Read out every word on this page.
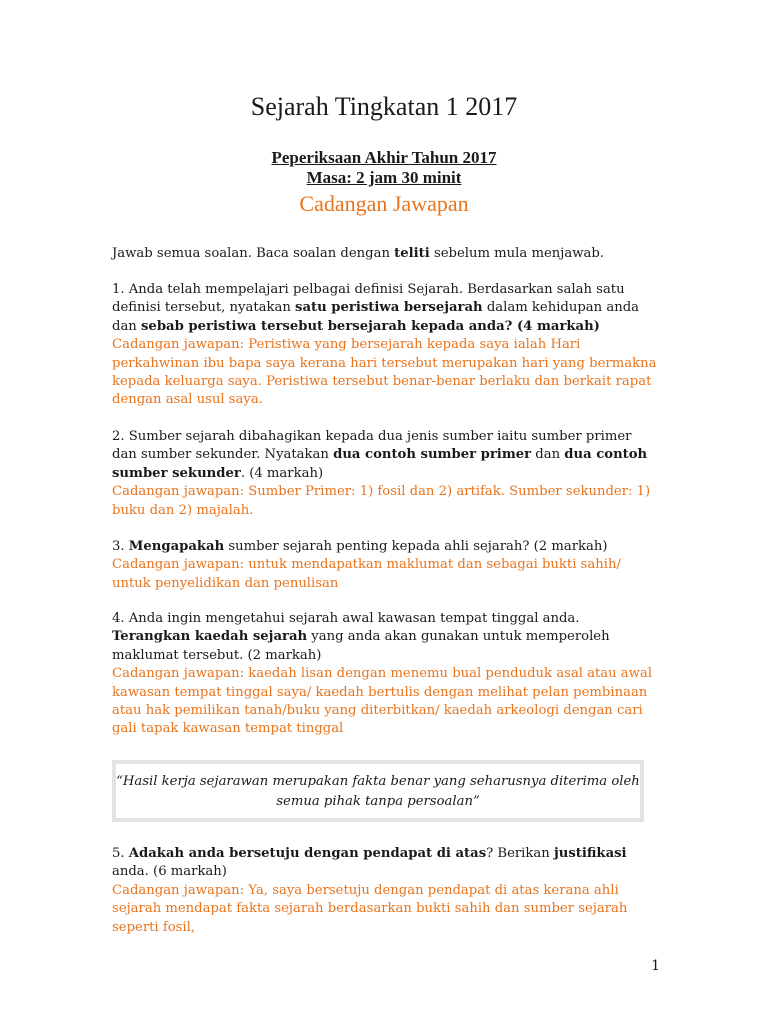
Sejarah Tingkatan 1 2017
Peperiksaan Akhir Tahun 2017
Masa: 2 jam 30 minit
Cadangan Jawapan
Jawab semua soalan. Baca soalan dengan teliti sebelum mula menjawab.
1. Anda telah mempelajari pelbagai definisi Sejarah. Berdasarkan salah satu definisi tersebut, nyatakan satu peristiwa bersejarah dalam kehidupan anda dan sebab peristiwa tersebut bersejarah kepada anda? (4 markah)
Cadangan jawapan: Peristiwa yang bersejarah kepada saya ialah Hari perkahwinan ibu bapa saya kerana hari tersebut merupakan hari yang bermakna kepada keluarga saya. Peristiwa tersebut benar-benar berlaku dan berkait rapat dengan asal usul saya.
2. Sumber sejarah dibahagikan kepada dua jenis sumber iaitu sumber primer dan sumber sekunder. Nyatakan dua contoh sumber primer dan dua contoh sumber sekunder. (4 markah)
Cadangan jawapan: Sumber Primer: 1) fosil dan 2) artifak. Sumber sekunder: 1) buku dan 2) majalah.
3. Mengapakah sumber sejarah penting kepada ahli sejarah? (2 markah)
Cadangan jawapan: untuk mendapatkan maklumat dan sebagai bukti sahih/ untuk penyelidikan dan penulisan
4. Anda ingin mengetahui sejarah awal kawasan tempat tinggal anda. Terangkan kaedah sejarah yang anda akan gunakan untuk memperoleh maklumat tersebut. (2 markah)
Cadangan jawapan: kaedah lisan dengan menemu bual penduduk asal atau awal kawasan tempat tinggal saya/ kaedah bertulis dengan melihat pelan pembinaan atau hak pemilikan tanah/buku yang diterbitkan/ kaedah arkeologi dengan cari gali tapak kawasan tempat tinggal
“Hasil kerja sejarawan merupakan fakta benar yang seharusnya diterima oleh semua pihak tanpa persoalan”
5. Adakah anda bersetuju dengan pendapat di atas? Berikan justifikasi anda. (6 markah)
Cadangan jawapan: Ya, saya bersetuju dengan pendapat di atas kerana ahli sejarah mendapat fakta sejarah berdasarkan bukti sahih dan sumber sejarah seperti fosil,
1
